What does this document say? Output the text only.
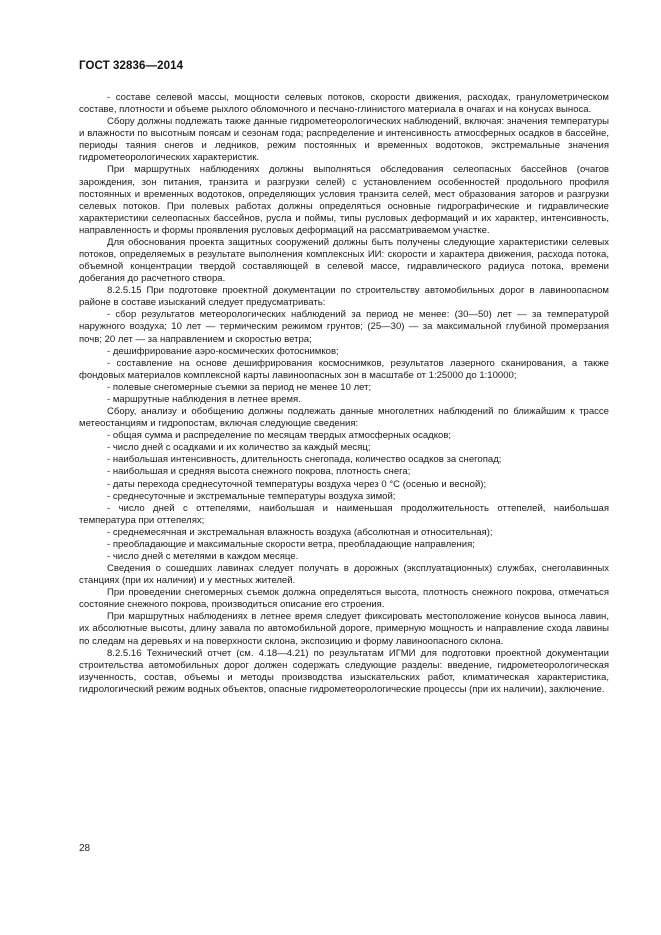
ГОСТ 32836—2014

- составе селевой массы, мощности селевых потоков, скорости движения, расходах, гранулометрическом составе, плотности и объеме рыхлого обломочного и песчано-глинистого материала в очагах и на конусах выноса.

Сбору должны подлежать также данные гидрометеорологических наблюдений, включая: значения температуры и влажности по высотным поясам и сезонам года; распределение и интенсивность атмосферных осадков в бассейне, периоды таяния снегов и ледников, режим постоянных и временных водотоков, экстремальные значения гидрометеорологических характеристик.

При маршрутных наблюдениях должны выполняться обследования селеопасных бассейнов (очагов зарождения, зон питания, транзита и разгрузки селей) с установлением особенностей продольного профиля постоянных и временных водотоков, определяющих условия транзита селей, мест образования заторов и разгрузки селевых потоков. При полевых работах должны определяться основные гидрографические и гидравлические характеристики селеопасных бассейнов, русла и поймы, типы русловых деформаций и их характер, интенсивность, направленность и формы проявления русловых деформаций на рассматриваемом участке.

Для обоснования проекта защитных сооружений должны быть получены следующие характеристики селевых потоков, определяемых в результате выполнения комплексных ИИ: скорости и характера движения, расхода потока, объемной концентрации твердой составляющей в селевой массе, гидравлического радиуса потока, времени добегания до расчетного створа.

8.2.5.15 При подготовке проектной документации по строительству автомобильных дорог в лавиноопасном районе в составе изысканий следует предусматривать:

- сбор результатов метеорологических наблюдений за период не менее: (30—50) лет — за температурой наружного воздуха; 10 лет — термическим режимом грунтов; (25—30) — за максимальной глубиной промерзания почв; 20 лет — за направлением и скоростью ветра;

- дешифрирование аэро-космических фотоснимков;

- составление на основе дешифрирования космоснимков, результатов лазерного сканирования, а также фондовых материалов комплексной карты лавиноопасных зон в масштабе от 1:25000 до 1:10000;

- полевые снегомерные съемки за период не менее 10 лет;

- маршрутные наблюдения в летнее время.

Сбору, анализу и обобщению должны подлежать данные многолетних наблюдений по ближайшим к трассе метеостанциям и гидропостам, включая следующие сведения:

- общая сумма и распределение по месяцам твердых атмосферных осадков;

- число дней с осадками и их количество за каждый месяц;

- наибольшая интенсивность, длительность снегопада, количество осадков за снегопад;

- наибольшая и средняя высота снежного покрова, плотность снега;

- даты перехода среднесуточной температуры воздуха через 0 °С (осенью и весной);

- среднесуточные и экстремальные температуры воздуха зимой;

- число дней с оттепелями, наибольшая и наименьшая продолжительность оттепелей, наибольшая температура при оттепелях;

- среднемесячная и экстремальная влажность воздуха (абсолютная и относительная);

- преобладающие и максимальные скорости ветра, преобладающие направления;

- число дней с метелями в каждом месяце.

Сведения о сошедших лавинах следует получать в дорожных (эксплуатационных) службах, снеголавинных станциях (при их наличии) и у местных жителей.

При проведении снегомерных съемок должна определяться высота, плотность снежного покрова, отмечаться состояние снежного покрова, производиться описание его строения.

При маршрутных наблюдениях в летнее время следует фиксировать местоположение конусов выноса лавин, их абсолютные высоты, длину завала по автомобильной дороге, примерную мощность и направление схода лавины по следам на деревьях и на поверхности склона, экспозицию и форму лавиноопасного склона.

8.2.5.16 Технический отчет (см. 4.18—4.21) по результатам ИГМИ для подготовки проектной документации строительства автомобильных дорог должен содержать следующие разделы: введение, гидрометеорологическая изученность, состав, объемы и методы производства изыскательских работ, климатическая характеристика, гидрологический режим водных объектов, опасные гидрометеорологические процессы (при их наличии), заключение.

28
